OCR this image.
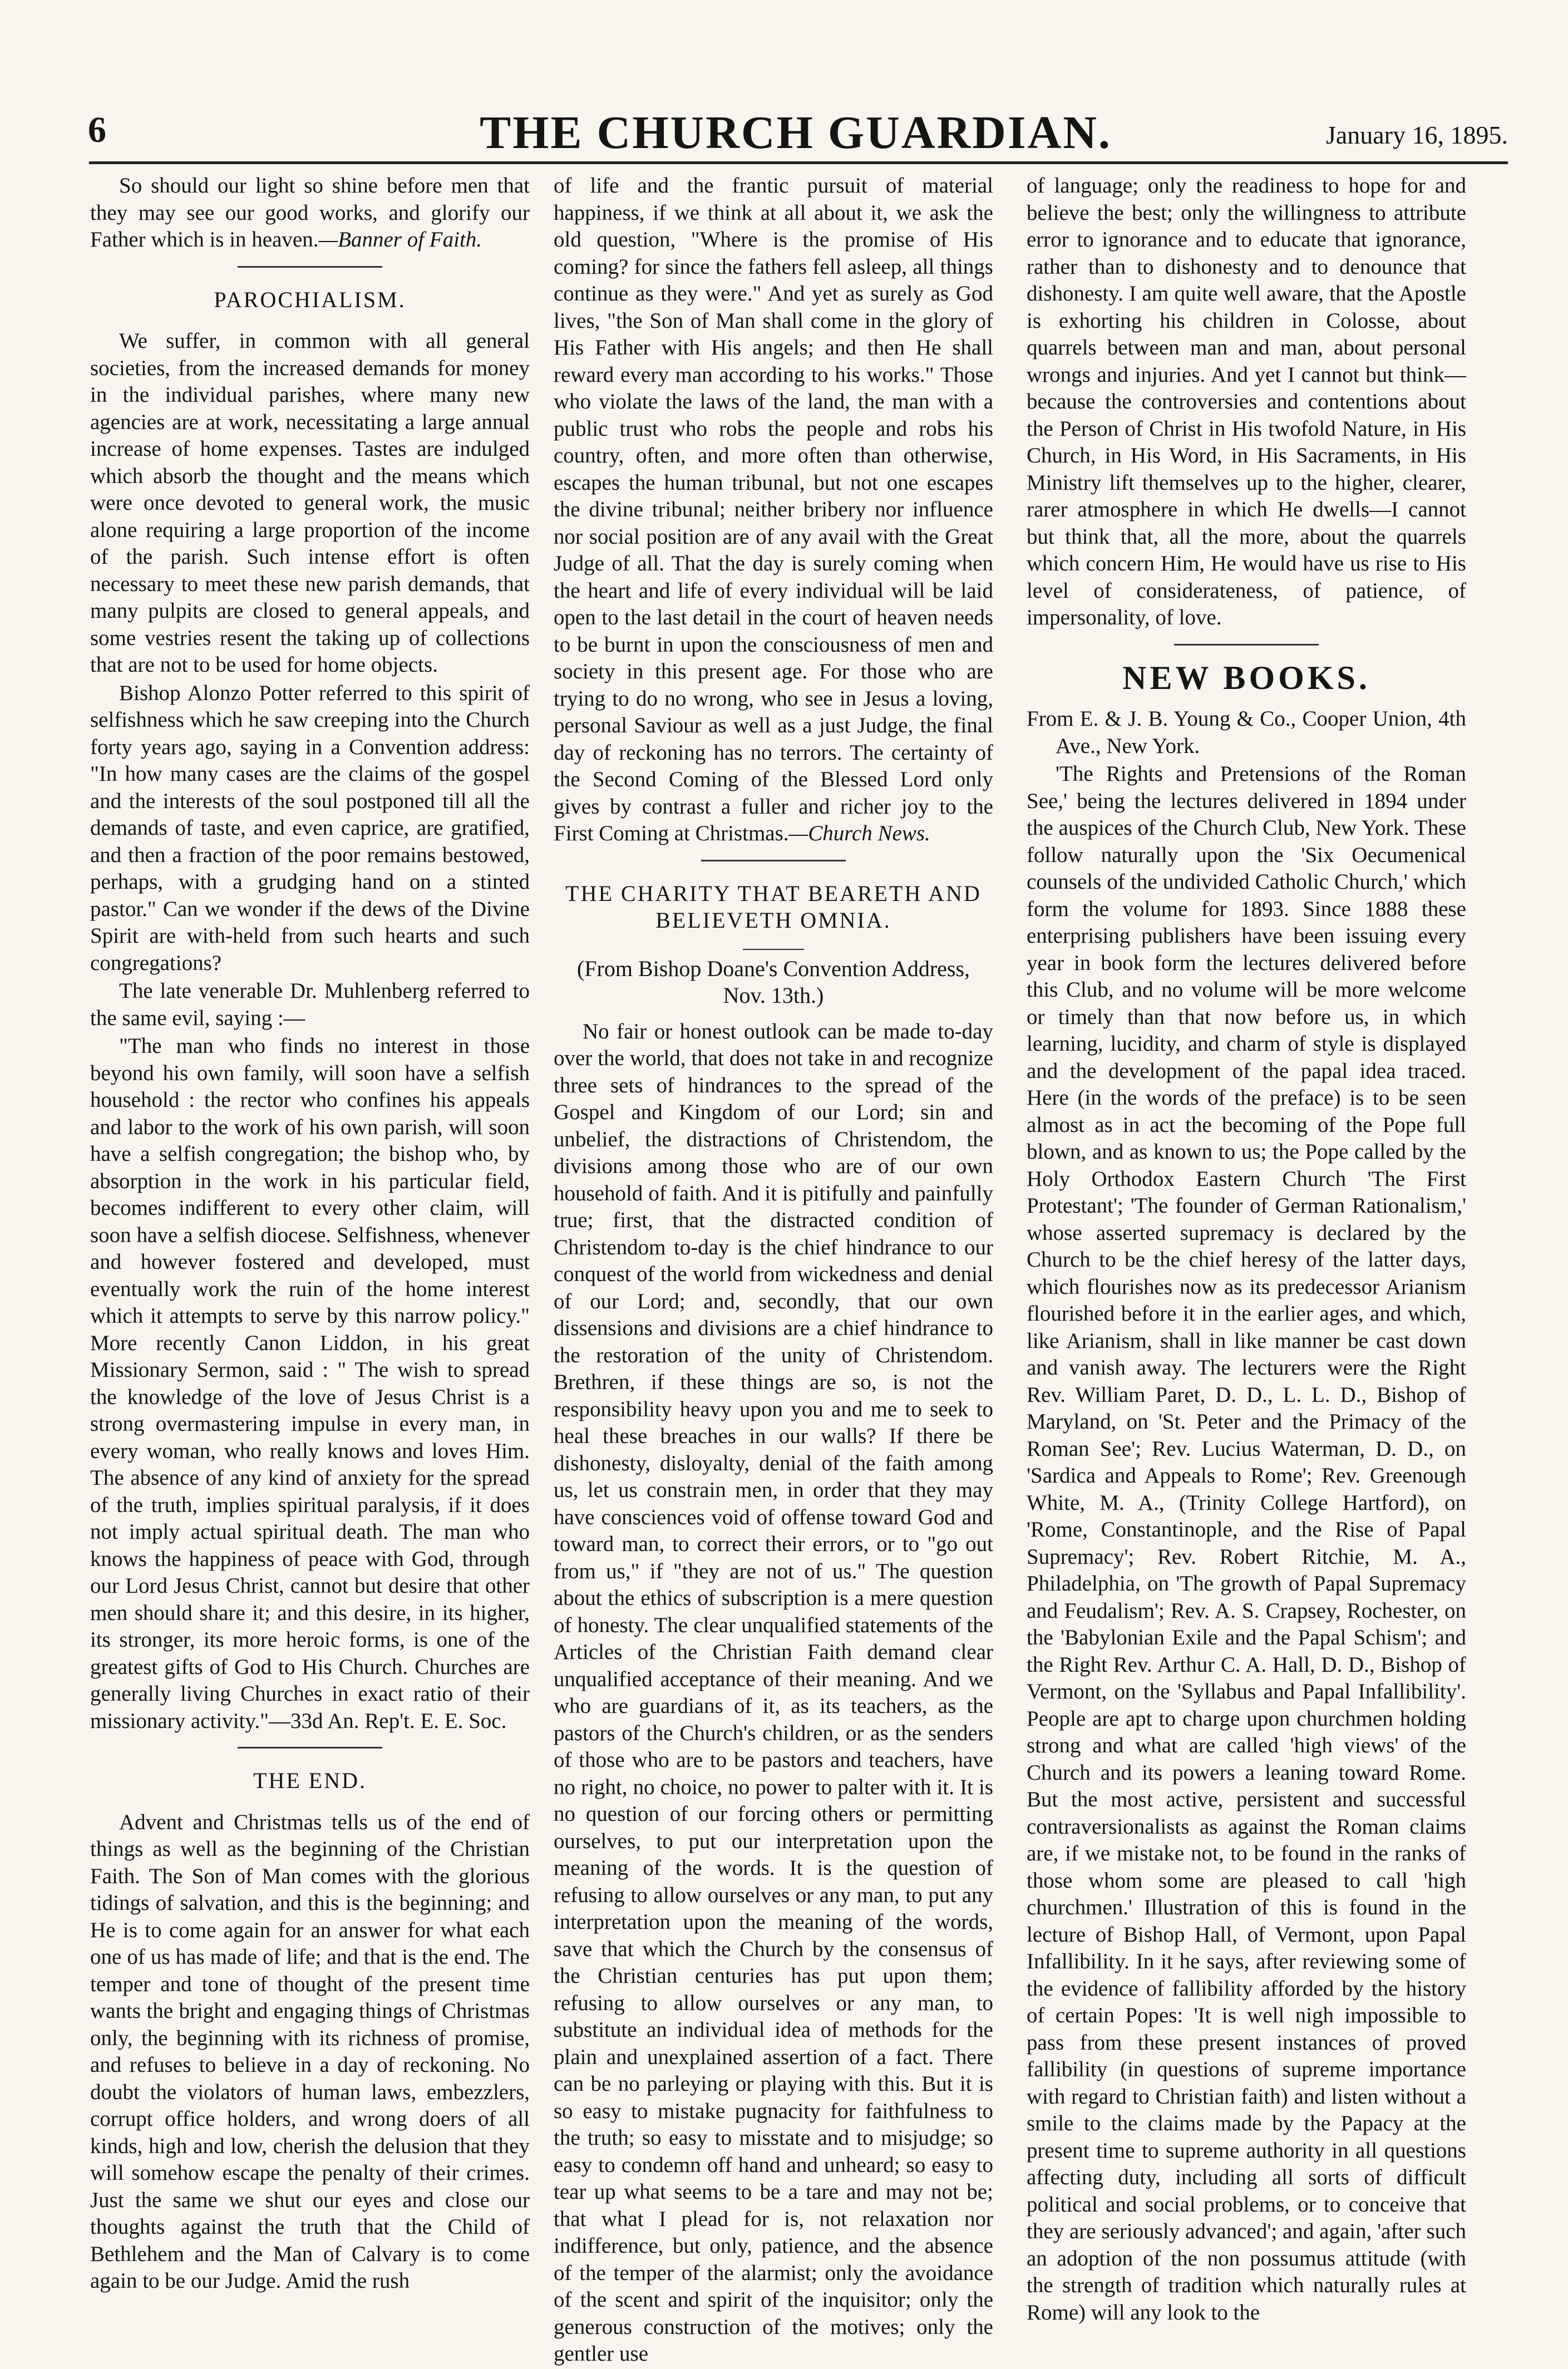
6	THE CHURCH GUARDIAN.	January 16, 1895.

So should our light so shine before men that they may see our good works, and glorify our Father which is in heaven.—Banner of Faith.

PAROCHIALISM.

We suffer, in common with all general societies, from the increased demands for money in the individual parishes, where many new agencies are at work, necessitating a large annual increase of home expenses. Tastes are indulged which absorb the thought and the means which were once devoted to general work, the music alone requiring a large proportion of the income of the parish. Such intense effort is often necessary to meet these new parish demands, that many pulpits are closed to general appeals, and some vestries resent the taking up of collections that are not to be used for home objects.

Bishop Alonzo Potter referred to this spirit of selfishness which he saw creeping into the Church forty years ago, saying in a Convention address: "In how many cases are the claims of the gospel and the interests of the soul postponed till all the demands of taste, and even caprice, are gratified, and then a fraction of the poor remains bestowed, perhaps, with a grudging hand on a stinted pastor." Can we wonder if the dews of the Divine Spirit are with-held from such hearts and such congregations?

The late venerable Dr. Muhlenberg referred to the same evil, saying :—

"The man who finds no interest in those beyond his own family, will soon have a selfish household : the rector who confines his appeals and labor to the work of his own parish, will soon have a selfish congregation; the bishop who, by absorption in the work in his particular field, becomes indifferent to every other claim, will soon have a selfish diocese. Selfishness, whenever and however fostered and developed, must eventually work the ruin of the home interest which it attempts to serve by this narrow policy." More recently Canon Liddon, in his great Missionary Sermon, said : " The wish to spread the knowledge of the love of Jesus Christ is a strong overmastering impulse in every man, in every woman, who really knows and loves Him. The absence of any kind of anxiety for the spread of the truth, implies spiritual paralysis, if it does not imply actual spiritual death. The man who knows the happiness of peace with God, through our Lord Jesus Christ, cannot but desire that other men should share it; and this desire, in its higher, its stronger, its more heroic forms, is one of the greatest gifts of God to His Church. Churches are generally living Churches in exact ratio of their missionary activity."—33d An. Rep't. E. E. Soc.

THE END.

Advent and Christmas tells us of the end of things as well as the beginning of the Christian Faith. The Son of Man comes with the glorious tidings of salvation, and this is the beginning; and He is to come again for an answer for what each one of us has made of life; and that is the end. The temper and tone of thought of the present time wants the bright and engaging things of Christmas only, the beginning with its richness of promise, and refuses to believe in a day of reckoning. No doubt the violators of human laws, embezzlers, corrupt office holders, and wrong doers of all kinds, high and low, cherish the delusion that they will somehow escape the penalty of their crimes. Just the same we shut our eyes and close our thoughts against the truth that the Child of Bethlehem and the Man of Calvary is to come again to be our Judge. Amid the rush

of life and the frantic pursuit of material happiness, if we think at all about it, we ask the old question, "Where is the promise of His coming? for since the fathers fell asleep, all things continue as they were." And yet as surely as God lives, "the Son of Man shall come in the glory of His Father with His angels; and then He shall reward every man according to his works." Those who violate the laws of the land, the man with a public trust who robs the people and robs his country, often, and more often than otherwise, escapes the human tribunal, but not one escapes the divine tribunal; neither bribery nor influence nor social position are of any avail with the Great Judge of all. That the day is surely coming when the heart and life of every individual will be laid open to the last detail in the court of heaven needs to be burnt in upon the consciousness of men and society in this present age. For those who are trying to do no wrong, who see in Jesus a loving, personal Saviour as well as a just Judge, the final day of reckoning has no terrors. The certainty of the Second Coming of the Blessed Lord only gives by contrast a fuller and richer joy to the First Coming at Christmas.—Church News.

THE CHARITY THAT BEARETH AND BELIEVETH OMNIA.
(From Bishop Doane's Convention Address, Nov. 13th.)

No fair or honest outlook can be made to-day over the world, that does not take in and recognize three sets of hindrances to the spread of the Gospel and Kingdom of our Lord; sin and unbelief, the distractions of Christendom, the divisions among those who are of our own household of faith. And it is pitifully and painfully true; first, that the distracted condition of Christendom to-day is the chief hindrance to our conquest of the world from wickedness and denial of our Lord; and, secondly, that our own dissensions and divisions are a chief hindrance to the restoration of the unity of Christendom. Brethren, if these things are so, is not the responsibility heavy upon you and me to seek to heal these breaches in our walls? If there be dishonesty, disloyalty, denial of the faith among us, let us constrain men, in order that they may have consciences void of offense toward God and toward man, to correct their errors, or to "go out from us," if "they are not of us." The question about the ethics of subscription is a mere question of honesty. The clear unqualified statements of the Articles of the Christian Faith demand clear unqualified acceptance of their meaning. And we who are guardians of it, as its teachers, as the pastors of the Church's children, or as the senders of those who are to be pastors and teachers, have no right, no choice, no power to palter with it. It is no question of our forcing others or permitting ourselves, to put our interpretation upon the meaning of the words. It is the question of refusing to allow ourselves or any man, to put any interpretation upon the meaning of the words, save that which the Church by the consensus of the Christian centuries has put upon them; refusing to allow ourselves or any man, to substitute an individual idea of methods for the plain and unexplained assertion of a fact. There can be no parleying or playing with this. But it is so easy to mistake pugnacity for faithfulness to the truth; so easy to misstate and to misjudge; so easy to condemn off hand and unheard; so easy to tear up what seems to be a tare and may not be; that what I plead for is, not relaxation nor indifference, but only, patience, and the absence of the temper of the alarmist; only the avoidance of the scent and spirit of the inquisitor; only the generous construction of the motives; only the gentler use

of language; only the readiness to hope for and believe the best; only the willingness to attribute error to ignorance and to educate that ignorance, rather than to dishonesty and to denounce that dishonesty. I am quite well aware, that the Apostle is exhorting his children in Colosse, about quarrels between man and man, about personal wrongs and injuries. And yet I cannot but think—because the controversies and contentions about the Person of Christ in His twofold Nature, in His Church, in His Word, in His Sacraments, in His Ministry lift themselves up to the higher, clearer, rarer atmosphere in which He dwells—I cannot but think that, all the more, about the quarrels which concern Him, He would have us rise to His level of considerateness, of patience, of impersonality, of love.

NEW BOOKS.

From E. & J. B. Young & Co., Cooper Union, 4th Ave., New York.

'The Rights and Pretensions of the Roman See,' being the lectures delivered in 1894 under the auspices of the Church Club, New York. These follow naturally upon the 'Six Oecumenical counsels of the undivided Catholic Church,' which form the volume for 1893. Since 1888 these enterprising publishers have been issuing every year in book form the lectures delivered before this Club, and no volume will be more welcome or timely than that now before us, in which learning, lucidity, and charm of style is displayed and the development of the papal idea traced. Here (in the words of the preface) is to be seen almost as in act the becoming of the Pope full blown, and as known to us; the Pope called by the Holy Orthodox Eastern Church 'The First Protestant'; 'The founder of German Rationalism,' whose asserted supremacy is declared by the Church to be the chief heresy of the latter days, which flourishes now as its predecessor Arianism flourished before it in the earlier ages, and which, like Arianism, shall in like manner be cast down and vanish away. The lecturers were the Right Rev. William Paret, D. D., L. L. D., Bishop of Maryland, on 'St. Peter and the Primacy of the Roman See'; Rev. Lucius Waterman, D. D., on 'Sardica and Appeals to Rome'; Rev. Greenough White, M. A., (Trinity College Hartford), on 'Rome, Constantinople, and the Rise of Papal Supremacy'; Rev. Robert Ritchie, M. A., Philadelphia, on 'The growth of Papal Supremacy and Feudalism'; Rev. A. S. Crapsey, Rochester, on the 'Babylonian Exile and the Papal Schism'; and the Right Rev. Arthur C. A. Hall, D. D., Bishop of Vermont, on the 'Syllabus and Papal Infallibility'. People are apt to charge upon churchmen holding strong and what are called 'high views' of the Church and its powers a leaning toward Rome. But the most active, persistent and successful contraversionalists as against the Roman claims are, if we mistake not, to be found in the ranks of those whom some are pleased to call 'high churchmen.' Illustration of this is found in the lecture of Bishop Hall, of Vermont, upon Papal Infallibility. In it he says, after reviewing some of the evidence of fallibility afforded by the history of certain Popes: 'It is well nigh impossible to pass from these present instances of proved fallibility (in questions of supreme importance with regard to Christian faith) and listen without a smile to the claims made by the Papacy at the present time to supreme authority in all questions affecting duty, including all sorts of difficult political and social problems, or to conceive that they are seriously advanced'; and again, 'after such an adoption of the non possumus attitude (with the strength of tradition which naturally rules at Rome) will any look to the
